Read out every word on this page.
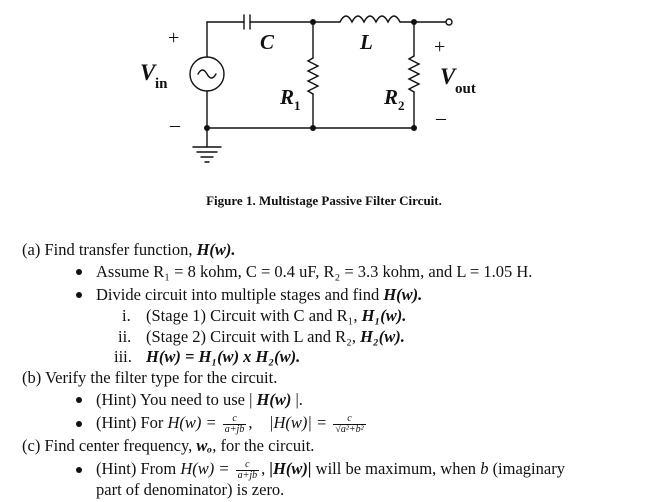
+
–
V in
C	L
R 1	R 2
+
–
V out
Figure 1. Multistage Passive Filter Circuit.
(a) Find transfer function, H(w).
Assume R₁ = 8 kohm, C = 0.4 uF, R₂ = 3.3 kohm, and L = 1.05 H.
Divide circuit into multiple stages and find H(w).
i. (Stage 1) Circuit with C and R₁, H₁(w).
ii. (Stage 2) Circuit with L and R₂, H₂(w).
iii. H(w) = H₁(w) x H₂(w).
(b) Verify the filter type for the circuit.
(Hint) You need to use | H(w) |.
(Hint) For $H(w) = \frac{c}{a+jb}$ , $|H(w)| = \frac{c}{\text{√a²+b²}}$
(c) Find center frequency, wₒ, for the circuit.
(Hint) From $H(w) = \frac{c}{a+jb}$ , |H(w)| will be maximum, when b (imaginary
part of denominator) is zero.
